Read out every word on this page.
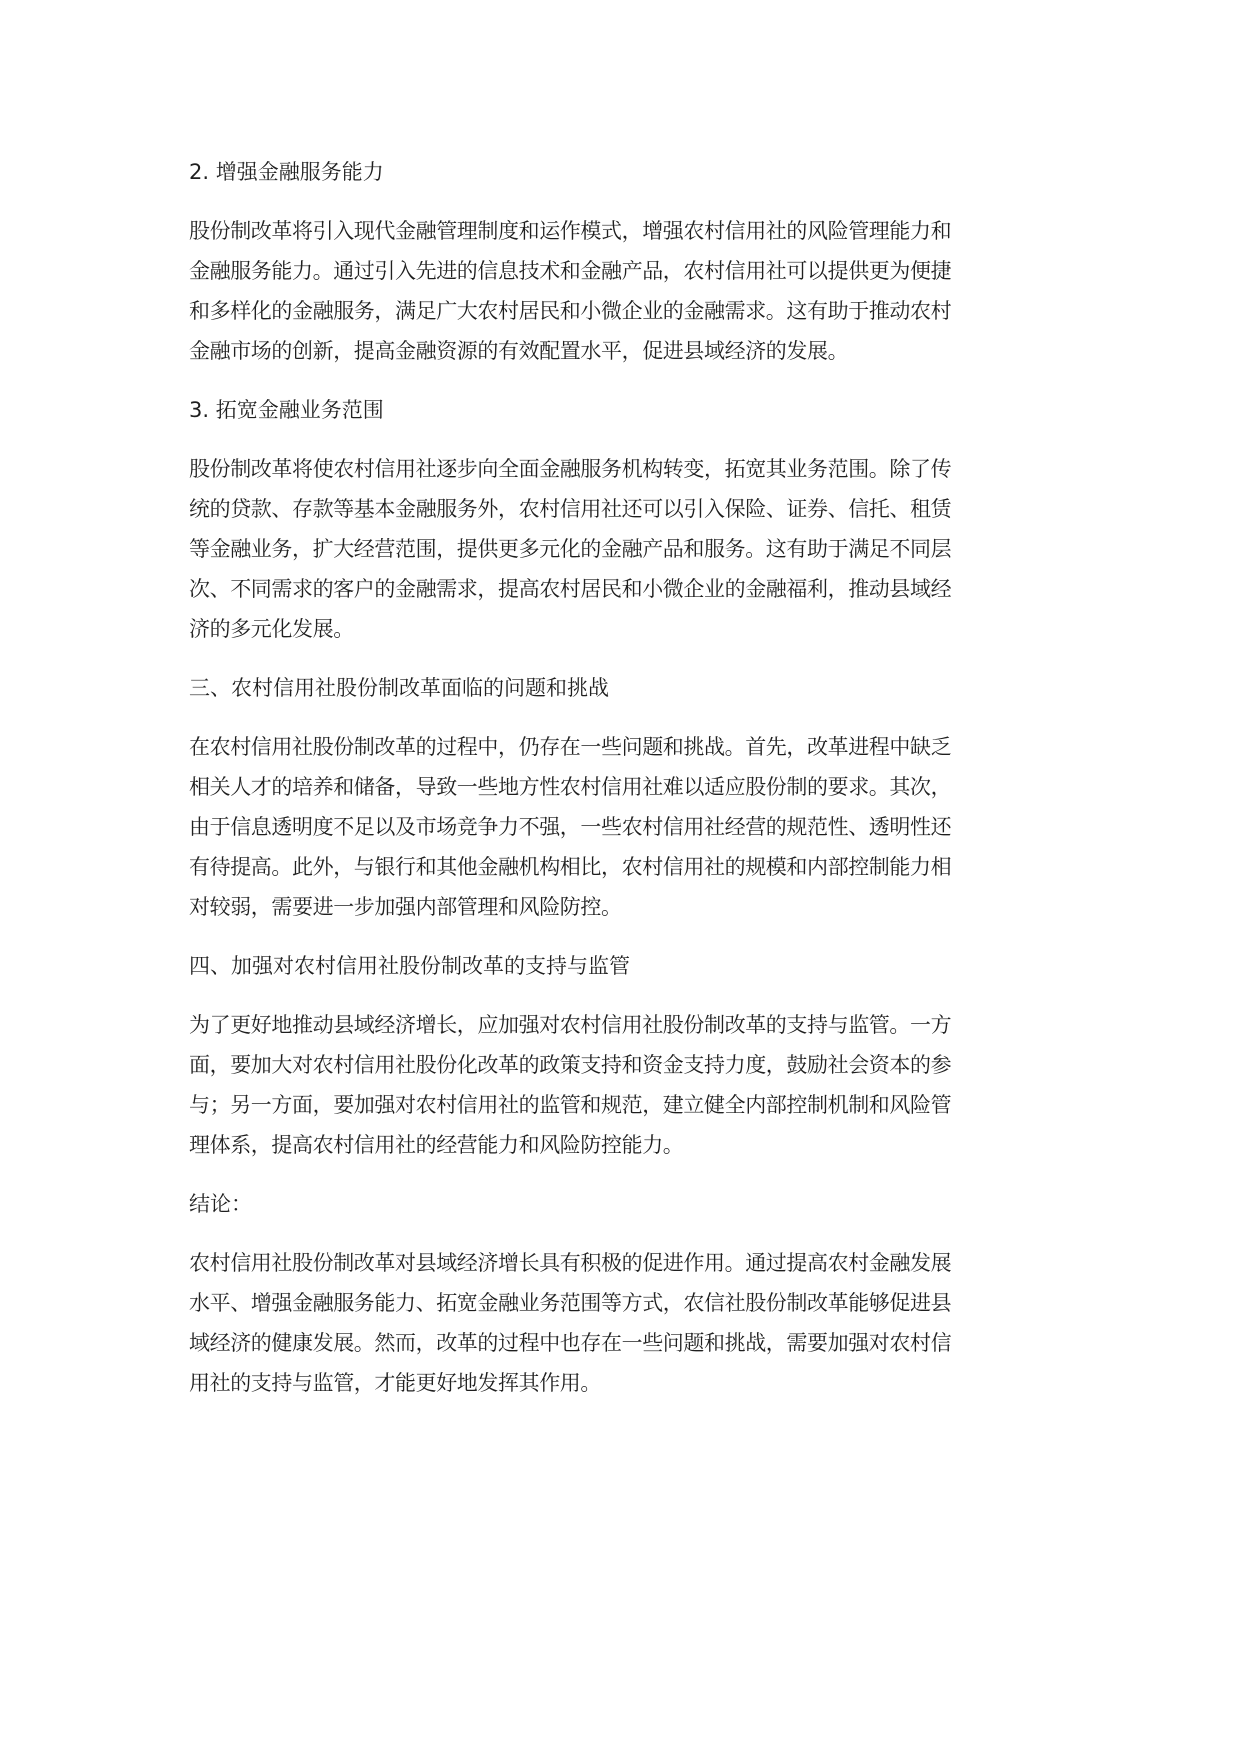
2. 增强金融服务能力
股份制改革将引入现代金融管理制度和运作模式，增强农村信用社的风险管理能力和
金融服务能力。通过引入先进的信息技术和金融产品，农村信用社可以提供更为便捷
和多样化的金融服务，满足广大农村居民和小微企业的金融需求。这有助于推动农村
金融市场的创新，提高金融资源的有效配置水平，促进县域经济的发展。
3. 拓宽金融业务范围
股份制改革将使农村信用社逐步向全面金融服务机构转变，拓宽其业务范围。除了传
统的贷款、存款等基本金融服务外，农村信用社还可以引入保险、证券、信托、租赁
等金融业务，扩大经营范围，提供更多元化的金融产品和服务。这有助于满足不同层
次、不同需求的客户的金融需求，提高农村居民和小微企业的金融福利，推动县域经
济的多元化发展。
三、农村信用社股份制改革面临的问题和挑战
在农村信用社股份制改革的过程中，仍存在一些问题和挑战。首先，改革进程中缺乏
相关人才的培养和储备，导致一些地方性农村信用社难以适应股份制的要求。其次，
由于信息透明度不足以及市场竞争力不强，一些农村信用社经营的规范性、透明性还
有待提高。此外，与银行和其他金融机构相比，农村信用社的规模和内部控制能力相
对较弱，需要进一步加强内部管理和风险防控。
四、加强对农村信用社股份制改革的支持与监管
为了更好地推动县域经济增长，应加强对农村信用社股份制改革的支持与监管。一方
面，要加大对农村信用社股份化改革的政策支持和资金支持力度，鼓励社会资本的参
与；另一方面，要加强对农村信用社的监管和规范，建立健全内部控制机制和风险管
理体系，提高农村信用社的经营能力和风险防控能力。
结论：
农村信用社股份制改革对县域经济增长具有积极的促进作用。通过提高农村金融发展
水平、增强金融服务能力、拓宽金融业务范围等方式，农信社股份制改革能够促进县
域经济的健康发展。然而，改革的过程中也存在一些问题和挑战，需要加强对农村信
用社的支持与监管，才能更好地发挥其作用。
